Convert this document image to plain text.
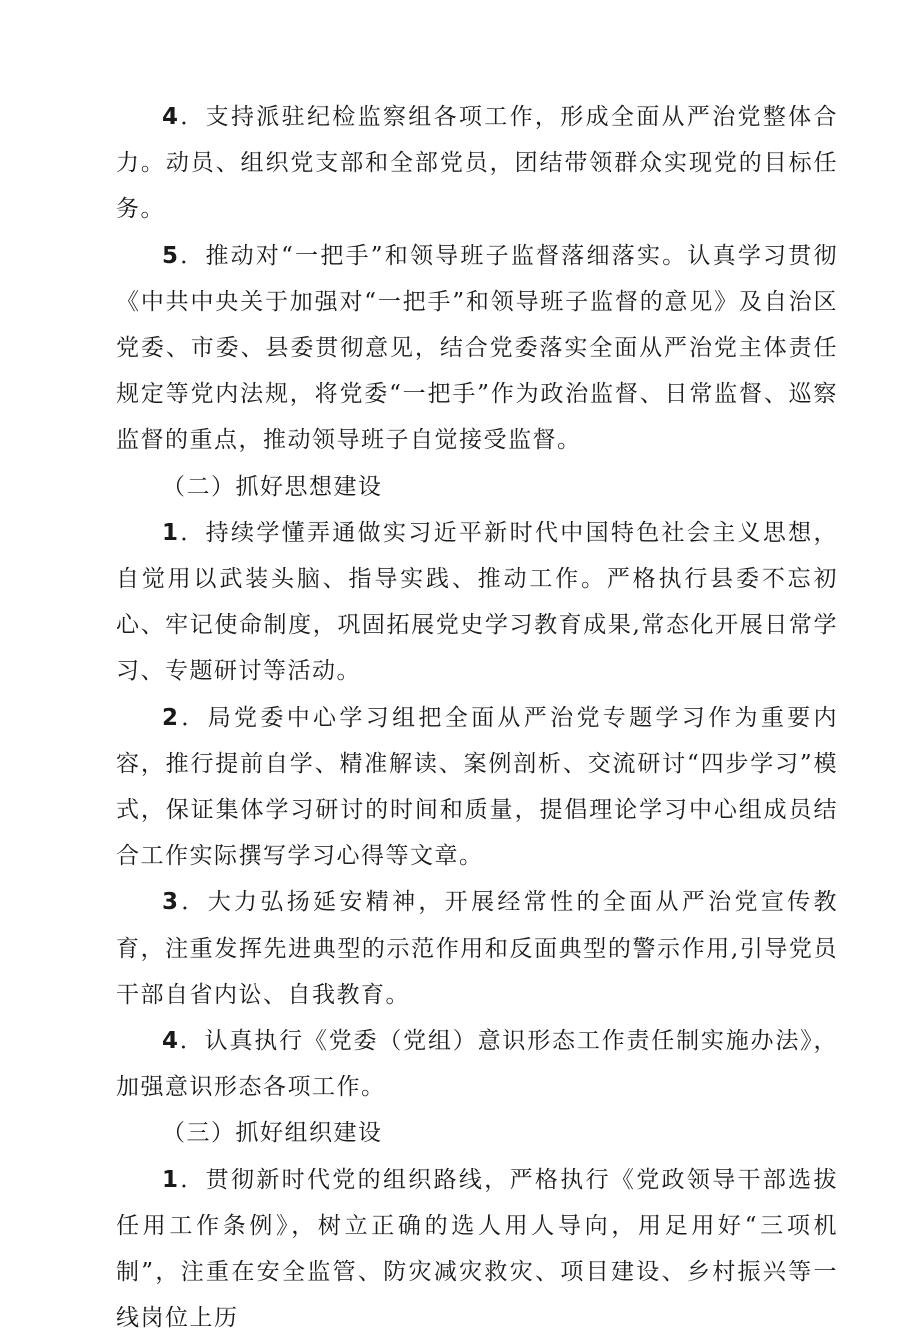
4．支持派驻纪检监察组各项工作，形成全面从严治党整体合力。动员、组织党支部和全部党员，团结带领群众实现党的目标任务。

5．推动对“一把手”和领导班子监督落细落实。认真学习贯彻《中共中央关于加强对“一把手”和领导班子监督的意见》及自治区党委、市委、县委贯彻意见，结合党委落实全面从严治党主体责任规定等党内法规，将党委“一把手”作为政治监督、日常监督、巡察监督的重点，推动领导班子自觉接受监督。

（二）抓好思想建设

1．持续学懂弄通做实习近平新时代中国特色社会主义思想，自觉用以武装头脑、指导实践、推动工作。严格执行县委不忘初心、牢记使命制度，巩固拓展党史学习教育成果,常态化开展日常学习、专题研讨等活动。

2．局党委中心学习组把全面从严治党专题学习作为重要内容，推行提前自学、精准解读、案例剖析、交流研讨“四步学习”模式，保证集体学习研讨的时间和质量，提倡理论学习中心组成员结合工作实际撰写学习心得等文章。

3．大力弘扬延安精神，开展经常性的全面从严治党宣传教育，注重发挥先进典型的示范作用和反面典型的警示作用,引导党员干部自省内讼、自我教育。

4．认真执行《党委（党组）意识形态工作责任制实施办法》，加强意识形态各项工作。

（三）抓好组织建设

1．贯彻新时代党的组织路线，严格执行《党政领导干部选拔任用工作条例》，树立正确的选人用人导向，用足用好“三项机制”，注重在安全监管、防灾减灾救灾、项目建设、乡村振兴等一线岗位上历
